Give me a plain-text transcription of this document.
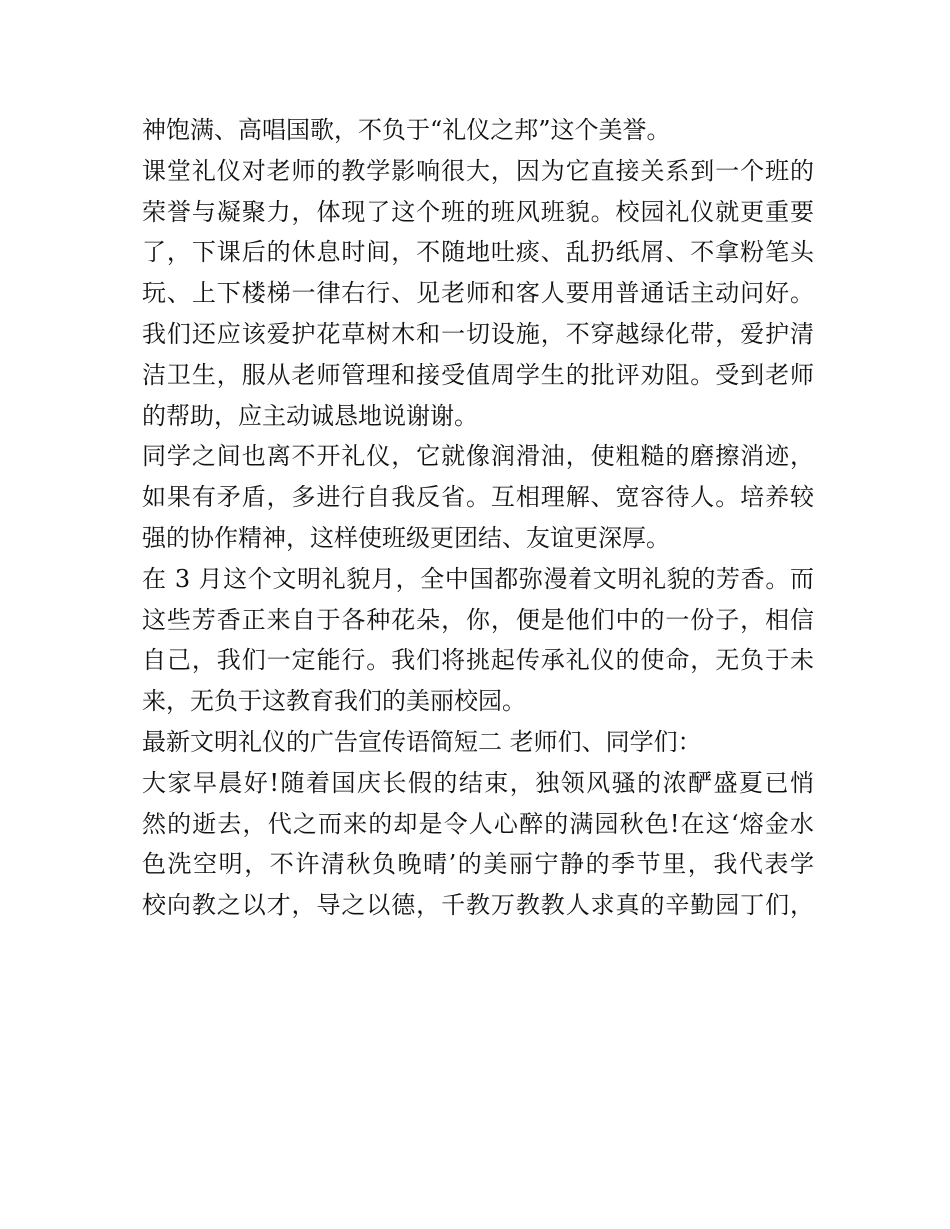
神饱满、高唱国歌，不负于“礼仪之邦”这个美誉。
课堂礼仪对老师的教学影响很大，因为它直接关系到一个班的
荣誉与凝聚力，体现了这个班的班风班貌。校园礼仪就更重要
了，下课后的休息时间，不随地吐痰、乱扔纸屑、不拿粉笔头
玩、上下楼梯一律右行、见老师和客人要用普通话主动问好。
我们还应该爱护花草树木和一切设施，不穿越绿化带，爱护清
洁卫生，服从老师管理和接受值周学生的批评劝阻。受到老师
的帮助，应主动诚恳地说谢谢。
同学之间也离不开礼仪，它就像润滑油，使粗糙的磨擦消迹，
如果有矛盾，多进行自我反省。互相理解、宽容待人。培养较
强的协作精神，这样使班级更团结、友谊更深厚。
在 3 月这个文明礼貌月，全中国都弥漫着文明礼貌的芳香。而
这些芳香正来自于各种花朵，你，便是他们中的一份子，相信
自己，我们一定能行。我们将挑起传承礼仪的使命，无负于未
来，无负于这教育我们的美丽校园。
最新文明礼仪的广告宣传语简短二 老师们、同学们：
大家早晨好!随着国庆长假的结束，独领风骚的浓酽盛夏已悄
然的逝去，代之而来的却是令人心醉的满园秋色!在这‘熔金水
色洗空明，不许清秋负晚晴’的美丽宁静的季节里，我代表学
校向教之以才，导之以德，千教万教教人求真的辛勤园丁们，
